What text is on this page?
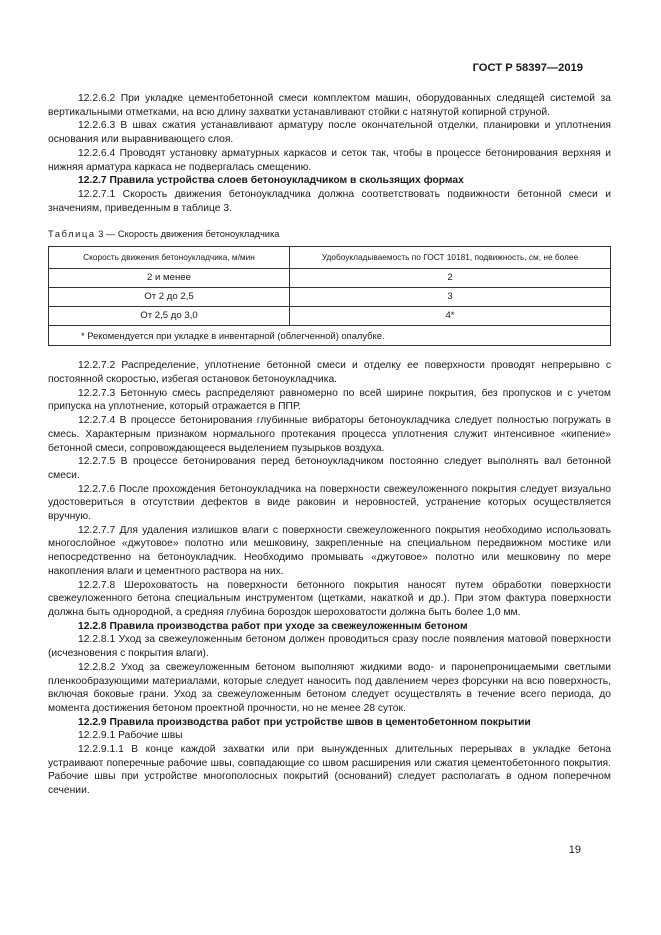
ГОСТ Р 58397—2019

12.2.6.2 При укладке цементобетонной смеси комплектом машин, оборудованных следящей системой за вертикальными отметками, на всю длину захватки устанавливают стойки с натянутой копирной струной.

12.2.6.3 В швах сжатия устанавливают арматуру после окончательной отделки, планировки и уплотнения основания или выравнивающего слоя.

12.2.6.4 Проводят установку арматурных каркасов и сеток так, чтобы в процессе бетонирования верхняя и нижняя арматура каркаса не подвергалась смещению.

12.2.7 Правила устройства слоев бетоноукладчиком в скользящих формах

12.2.7.1 Скорость движения бетоноукладчика должна соответствовать подвижности бетонной смеси и значениям, приведенным в таблице 3.

Таблица 3 — Скорость движения бетоноукладчика
Скорость движения бетоноукладчика, м/мин	Удобоукладываемость по ГОСТ 10181, подвижность, см, не более
2 и менее	2
От 2 до 2,5	3
От 2,5 до 3,0	4*
* Рекомендуется при укладке в инвентарной (облегченной) опалубке.	

12.2.7.2 Распределение, уплотнение бетонной смеси и отделку ее поверхности проводят непрерывно с постоянной скоростью, избегая остановок бетоноукладчика.

12.2.7.3 Бетонную смесь распределяют равномерно по всей ширине покрытия, без пропусков и с учетом припуска на уплотнение, который отражается в ППР.

12.2.7.4 В процессе бетонирования глубинные вибраторы бетоноукладчика следует полностью погружать в смесь. Характерным признаком нормального протекания процесса уплотнения служит интенсивное «кипение» бетонной смеси, сопровождающееся выделением пузырьков воздуха.

12.2.7.5 В процессе бетонирования перед бетоноукладчиком постоянно следует выполнять вал бетонной смеси.

12.2.7.6 После прохождения бетоноукладчика на поверхности свежеуложенного покрытия следует визуально удостовериться в отсутствии дефектов в виде раковин и неровностей, устранение которых осуществляется вручную.

12.2.7.7 Для удаления излишков влаги с поверхности свежеуложенного покрытия необходимо использовать многослойное «джутовое» полотно или мешковину, закрепленные на специальном передвижном мостике или непосредственно на бетоноукладчик. Необходимо промывать «джутовое» полотно или мешковину по мере накопления влаги и цементного раствора на них.

12.2.7.8 Шероховатость на поверхности бетонного покрытия наносят путем обработки поверхности свежеуложенного бетона специальным инструментом (щетками, накаткой и др.). При этом фактура поверхности должна быть однородной, а средняя глубина бороздок шероховатости должна быть более 1,0 мм.

12.2.8 Правила производства работ при уходе за свежеуложенным бетоном

12.2.8.1 Уход за свежеуложенным бетоном должен проводиться сразу после появления матовой поверхности (исчезновения с покрытия влаги).

12.2.8.2 Уход за свежеуложенным бетоном выполняют жидкими водо- и паронепроницаемыми светлыми пленкообразующими материалами, которые следует наносить под давлением через форсунки на всю поверхность, включая боковые грани. Уход за свежеуложенным бетоном следует осуществлять в течение всего периода, до момента достижения бетоном проектной прочности, но не менее 28 суток.

12.2.9 Правила производства работ при устройстве швов в цементобетонном покрытии

12.2.9.1 Рабочие швы

12.2.9.1.1 В конце каждой захватки или при вынужденных длительных перерывах в укладке бетона устраивают поперечные рабочие швы, совпадающие со швом расширения или сжатия цементобетонного покрытия. Рабочие швы при устройстве многополосных покрытий (оснований) следует располагать в одном поперечном сечении.

19
